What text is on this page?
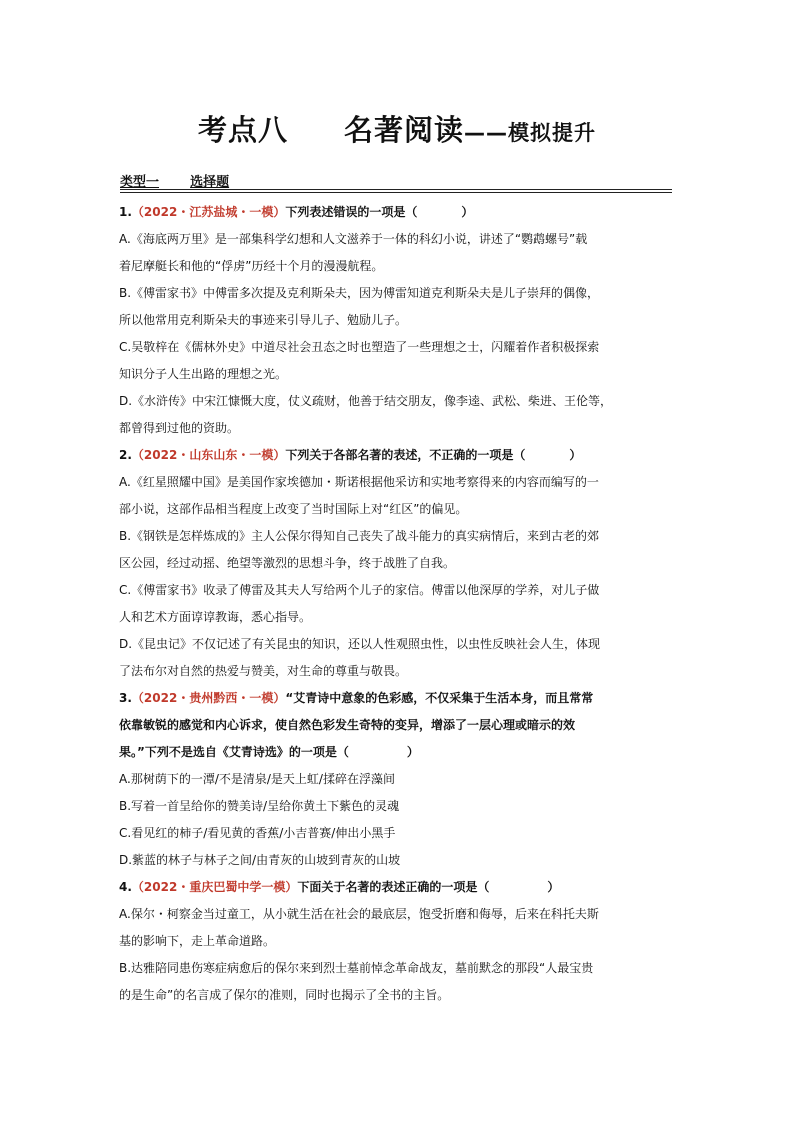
考点八 名著阅读——模拟提升
类型一 选择题
1.（2022・江苏盐城・一模）下列表述错误的一项是（	）
A.《海底两万里》是一部集科学幻想和人文滋养于一体的科幻小说，讲述了“鹦鹉螺号”载
着尼摩艇长和他的“俘虏”历经十个月的漫漫航程。
B.《傅雷家书》中傅雷多次提及克利斯朵夫，因为傅雷知道克利斯朵夫是儿子崇拜的偶像，
所以他常用克利斯朵夫的事迹来引导儿子、勉励儿子。
C.吴敬梓在《儒林外史》中道尽社会丑态之时也塑造了一些理想之士，闪耀着作者积极探索
知识分子人生出路的理想之光。
D.《水浒传》中宋江慷慨大度，仗义疏财，他善于结交朋友，像李逵、武松、柴进、王伦等，
都曾得到过他的资助。
2.（2022・山东山东・一模）下列关于各部名著的表述，不正确的一项是（	）
A.《红星照耀中国》是美国作家埃德加・斯诺根据他采访和实地考察得来的内容而编写的一
部小说，这部作品相当程度上改变了当时国际上对“红区”的偏见。
B.《钢铁是怎样炼成的》主人公保尔得知自己丧失了战斗能力的真实病情后，来到古老的郊
区公园，经过动摇、绝望等激烈的思想斗争，终于战胜了自我。
C.《傅雷家书》收录了傅雷及其夫人写给两个儿子的家信。傅雷以他深厚的学养，对儿子做
人和艺术方面谆谆教诲，悉心指导。
D.《昆虫记》不仅记述了有关昆虫的知识，还以人性观照虫性，以虫性反映社会人生，体现
了法布尔对自然的热爱与赞美，对生命的尊重与敬畏。
3.（2022・贵州黔西・一模）“艾青诗中意象的色彩感，不仅采集于生活本身，而且常常
依靠敏锐的感觉和内心诉求，使自然色彩发生奇特的变异，增添了一层心理或暗示的效
果。”下列不是选自《艾青诗选》的一项是（	）
A.那树荫下的一潭/不是清泉/是天上虹/揉碎在浮藻间
B.写着一首呈给你的赞美诗/呈给你黄土下紫色的灵魂
C.看见红的柿子/看见黄的香蕉/小吉普赛/伸出小黑手
D.紫蓝的林子与林子之间/由青灰的山坡到青灰的山坡
4.（2022・重庆巴蜀中学一模）下面关于名著的表述正确的一项是（	）
A.保尔・柯察金当过童工，从小就生活在社会的最底层，饱受折磨和侮辱，后来在科托夫斯
基的影响下，走上革命道路。
B.达雅陪同患伤寒症病愈后的保尔来到烈士墓前悼念革命战友，墓前默念的那段“人最宝贵
的是生命”的名言成了保尔的准则，同时也揭示了全书的主旨。
